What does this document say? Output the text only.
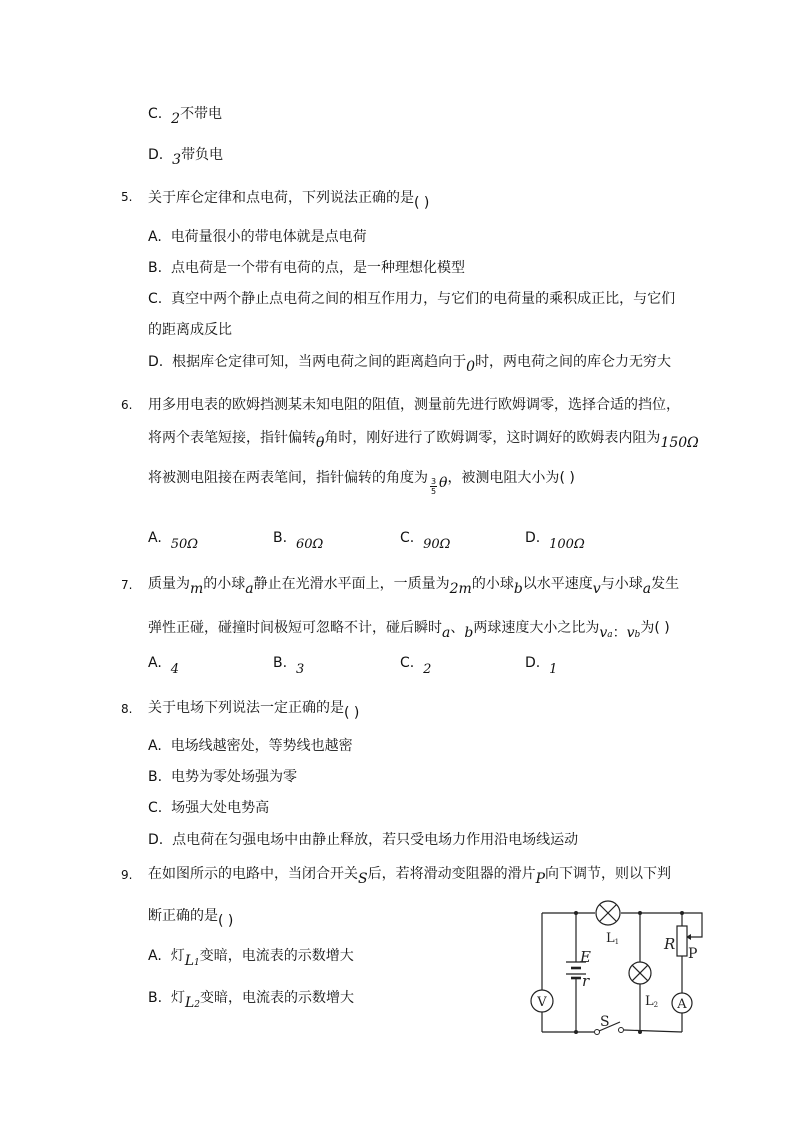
C. 2不带电
D. 3带负电
5. 关于库仑定律和点电荷，下列说法正确的是( )
A. 电荷量很小的带电体就是点电荷
B. 点电荷是一个带有电荷的点，是一种理想化模型
C. 真空中两个静止点电荷之间的相互作用力，与它们的电荷量的乘积成正比，与它们
的距离成反比
D. 根据库仑定律可知，当两电荷之间的距离趋向于0时，两电荷之间的库仑力无穷大
6. 用多用电表的欧姆挡测某未知电阻的阻值，测量前先进行欧姆调零，选择合适的挡位，
将两个表笔短接，指针偏转θ角时，刚好进行了欧姆调零，这时调好的欧姆表内阻为150Ω
将被测电阻接在两表笔间，指针偏转的角度为 $\frac{3}{5}$ θ，被测电阻大小为( )
A. 50Ω	B. 60Ω	C. 90Ω	D. 100Ω
7. 质量为m的小球a静止在光滑水平面上，一质量为2m的小球b以水平速度v与小球a发生
弹性正碰，碰撞时间极短可忽略不计，碰后瞬时a、b两球速度大小之比为$v_a$：$v_b$为( )
A. 4	B. 3	C. 2	D. 1
8. 关于电场下列说法一定正确的是( )
A. 电场线越密处，等势线也越密
B. 电势为零处场强为零
C. 场强大处电势高
D. 点电荷在匀强电场中由静止释放，若只受电场力作用沿电场线运动
9. 在如图所示的电路中，当闭合开关S后，若将滑动变阻器的滑片P向下调节，则以下判
断正确的是( )
A. 灯$L_1$变暗，电流表的示数增大
B. 灯$L_2$变暗，电流表的示数增大	V	A
L1
L2
E
r
R
P
S
